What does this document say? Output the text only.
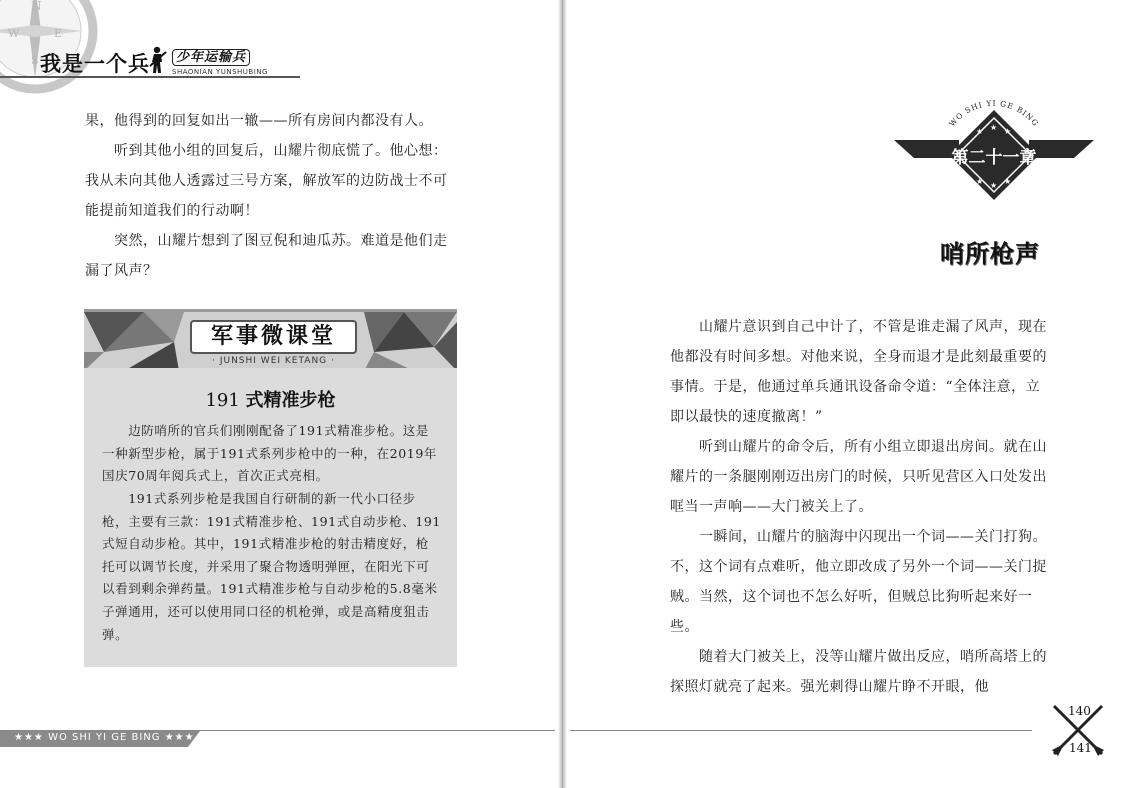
N
W	E
S 我是一个兵	少年运输兵
SHAONIAN YUNSHUBING

果，他得到的回复如出一辙——所有房间内都没有人。

　　听到其他小组的回复后，山耀片彻底慌了。他心想：我从未向其他人透露过三号方案，解放军的边防战士不可能提前知道我们的行动啊！

　　突然，山耀片想到了图豆倪和迪瓜苏。难道是他们走漏了风声？

军事微课堂
· JUNSHI WEI KETANG ·
191 式精准步枪

　　边防哨所的官兵们刚刚配备了191式精准步枪。这是一种新型步枪，属于191式系列步枪中的一种，在2019年国庆70周年阅兵式上，首次正式亮相。

　　191式系列步枪是我国自行研制的新一代小口径步枪，主要有三款：191式精准步枪、191式自动步枪、191式短自动步枪。其中，191式精准步枪的射击精度好，枪托可以调节长度，并采用了聚合物透明弹匣，在阳光下可以看到剩余弹药量。191式精准步枪与自动步枪的5.8毫米子弹通用，还可以使用同口径的机枪弹，或是高精度狙击弹。

★★★ WO SHI YI GE BING ★★★
WO SHI YI GE BING
★ ★ ★
★ ★ ★
第二十一章
哨所枪声

　　山耀片意识到自己中计了，不管是谁走漏了风声，现在他都没有时间多想。对他来说，全身而退才是此刻最重要的事情。于是，他通过单兵通讯设备命令道：“全体注意，立即以最快的速度撤离！”

　　听到山耀片的命令后，所有小组立即退出房间。就在山耀片的一条腿刚刚迈出房门的时候，只听见营区入口处发出哐当一声响——大门被关上了。

　　一瞬间，山耀片的脑海中闪现出一个词——关门打狗。不，这个词有点难听，他立即改成了另外一个词——关门捉贼。当然，这个词也不怎么好听，但贼总比狗听起来好一些。

　　随着大门被关上，没等山耀片做出反应，哨所高塔上的探照灯就亮了起来。强光刺得山耀片睁不开眼，他

140
141
